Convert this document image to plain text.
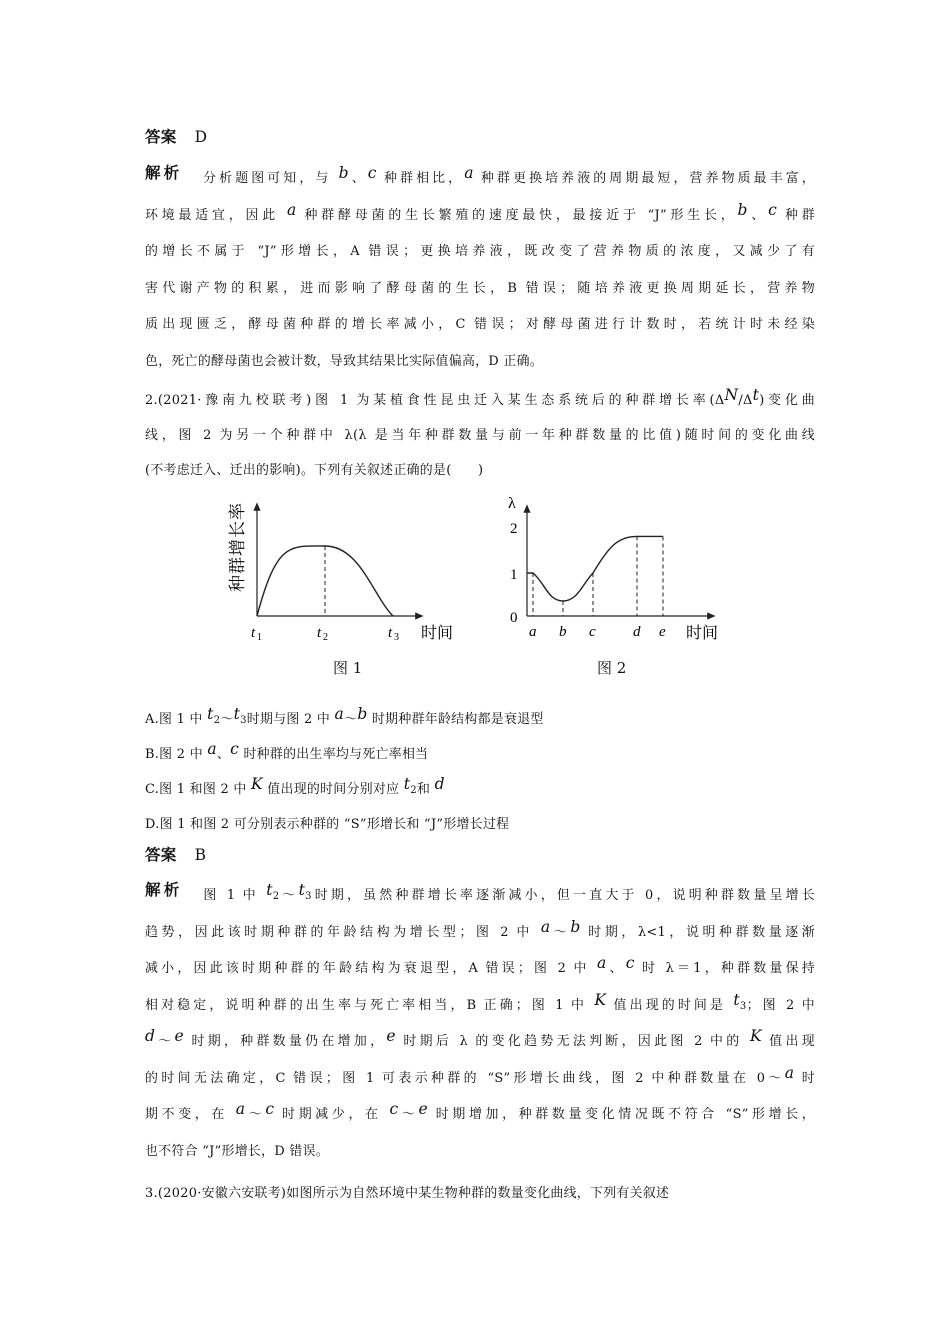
答案 D
解析 $_{分析题图可知,与}$ $b_、c$ $_{种群相比,}$a $_{种群更换培养液的周期最短,营养物质最丰富,}$
$_{环境最适宜,因此}$ a $_{种群酵母菌的生长繁殖的速度最快,最接近于 “J”形生长,}b_、c$ $_{种群}$
$_{的增长不属于 “J”形增长,A 错误;更换培养液,既改变了营养物质的浓度,又减少了有}$
$_{害代谢产物的积累,进而影响了酵母菌的生长,B 错误;随培养液更换周期延长,营养物}$
$_{质出现匮乏,酵母菌种群的增长率减小,C 错误;对酵母菌进行计数时,若统计时未经染}$
$_{色,死亡的酵母菌也会被计数,导致其结果比实际值偏高,D 正确。}$
$_{2.(2021\cdot 豫南九校联考)图 1 为某植食性昆虫迁入某生态系统后的种群增长率(\Delta}N_{/\Delta}t_{)变化曲}$
$_{线,图 2 为另一个种群中 \lambda(\lambda 是当年种群数量与前一年种群数量的比值)随时间的变化曲线}$
$_{(不考虑迁入、迁出的影响)。下列有关叙述正确的是( )}$
种群增长率
t 1	t 2	t 3 时间
图 1
λ
2
1
0
a b c d e 时间
图 2
$_{A.图 1 中}$ $t_{2\sim}t_{3时期与图 2 中}$ $a_\sim b$ $_{时期种群年龄结构都是衰退型}$
$_{B.图 2 中}$ $a_、c$ $_{时种群的出生率均与死亡率相当}$
$_{C.图 1 和图 2 中}$ K $_{值出现的时间分别对应}$ $t_{2和}$ d
$_{D.图 1 和图 2 可分别表示种群的 “S”形增长和 “J”形增长过程}$
答案 B
解析 $_{图 1 中}$ $t_{2\sim}t_{3时期,虽然种群增长率逐渐减小,但一直大于 0,说明种群数量呈增长}$
$_{趋势,因此该时期种群的年龄结构为增长型;图 2 中}$ $a_\sim b$ $_{时期,\lambda<1,说明种群数量逐渐}$
$_{减小,因此该时期种群的年龄结构为衰退型,A 错误;图 2 中}$ $a_、c$ $_{时 \lambda=1,种群数量保持}$
$_{相对稳定,说明种群的出生率与死亡率相当,B 正确;图 1 中}$ K $_{值出现的时间是}$ $t_{3;图 2 中}$
$d_\sim e$ $_{时期,种群数量仍在增加,}$e $_{时期后 \lambda 的变化趋势无法判断,因此图 2 中的}$ K $_{值出现}$
$_{的时间无法确定,C 错误;图 1 可表示种群的 “S”形增长曲线,图 2 中种群数量在 0\sim}$a $_时$
$_{期不变,在}$ $a_\sim c$ $_{时期减少,在}$ $c_\sim e$ $_{时期增加,种群数量变化情况既不符合 “S”形增长,}$
$_{也不符合 “J”形增长,D 错误。}$
$_{3.(2020\cdot 安徽六安联考)如图所示为自然环境中某生物种群的数量变化曲线,下列有关叙述}$
